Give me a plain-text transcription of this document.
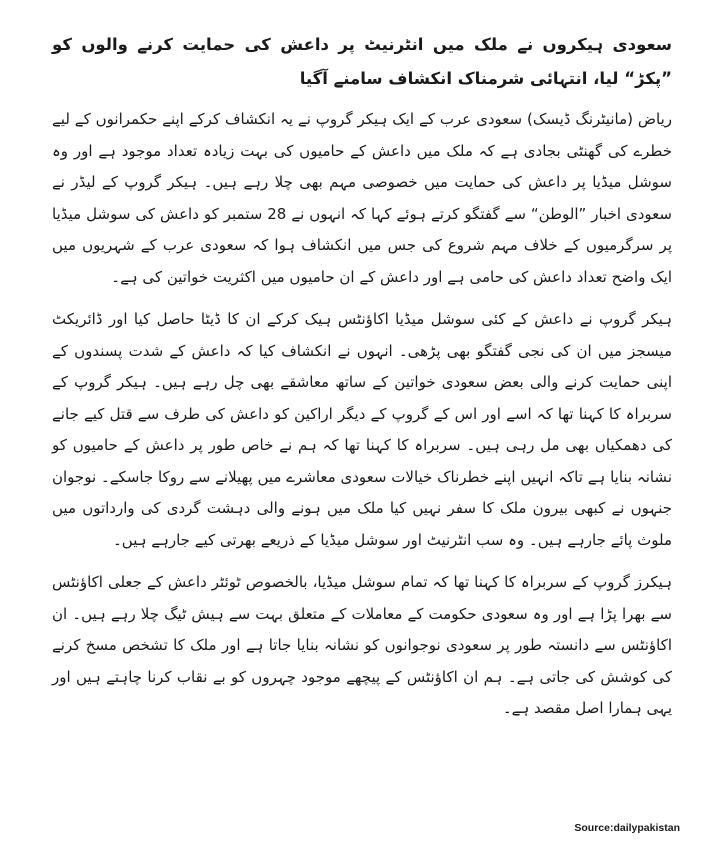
سعودی ہیکروں نے ملک میں انٹرنیٹ پر داعش کی حمایت کرنے والوں کو ”پکڑ“ لیا، انتہائی شرمناک انکشاف سامنے آگیا

ریاض (مانیٹرنگ ڈیسک) سعودی عرب کے ایک ہیکر گروپ نے یہ انکشاف کرکے اپنے حکمرانوں کے لیے خطرے کی گھنٹی بجادی ہے کہ ملک میں داعش کے حامیوں کی بہت زیادہ تعداد موجود ہے اور وہ سوشل میڈیا پر داعش کی حمایت میں خصوصی مہم بھی چلا رہے ہیں۔ ہیکر گروپ کے لیڈر نے سعودی اخبار ”الوطن“ سے گفتگو کرتے ہوئے کہا کہ انہوں نے 28 ستمبر کو داعش کی سوشل میڈیا پر سرگرمیوں کے خلاف مہم شروع کی جس میں انکشاف ہوا کہ سعودی عرب کے شہریوں میں ایک واضح تعداد داعش کی حامی ہے اور داعش کے ان حامیوں میں اکثریت خواتین کی ہے۔

ہیکر گروپ نے داعش کے کئی سوشل میڈیا اکاﺅنٹس ہیک کرکے ان کا ڈیٹا حاصل کیا اور ڈائریکٹ میسجز میں ان کی نجی گفتگو بھی پڑھی۔ انہوں نے انکشاف کیا کہ داعش کے شدت پسندوں کے اپنی حمایت کرنے والی بعض سعودی خواتین کے ساتھ معاشقے بھی چل رہے ہیں۔ ہیکر گروپ کے سربراہ کا کہنا تھا کہ اسے اور اس کے گروپ کے دیگر اراکین کو داعش کی طرف سے قتل کیے جانے کی دھمکیاں بھی مل رہی ہیں۔ سربراہ کا کہنا تھا کہ ہم نے خاص طور پر داعش کے حامیوں کو نشانہ بنایا ہے تاکہ انہیں اپنے خطرناک خیالات سعودی معاشرے میں پھیلانے سے روکا جاسکے۔ نوجوان جنہوں نے کبھی بیرون ملک کا سفر نہیں کیا ملک میں ہونے والی دہشت گردی کی وارداتوں میں ملوث پائے جارہے ہیں۔ وہ سب انٹرنیٹ اور سوشل میڈیا کے ذریعے بھرتی کیے جارہے ہیں۔

ہیکرز گروپ کے سربراہ کا کہنا تھا کہ تمام سوشل میڈیا، بالخصوص ٹوئٹر داعش کے جعلی اکاﺅنٹس سے بھرا پڑا ہے اور وہ سعودی حکومت کے معاملات کے متعلق بہت سے ہیش ٹیگ چلا رہے ہیں۔ ان اکاﺅنٹس سے دانستہ طور پر سعودی نوجوانوں کو نشانہ بنایا جاتا ہے اور ملک کا تشخص مسخ کرنے کی کوشش کی جاتی ہے۔ ہم ان اکاﺅنٹس کے پیچھے موجود چہروں کو بے نقاب کرنا چاہتے ہیں اور یہی ہمارا اصل مقصد ہے۔

Source:dailypakistan
